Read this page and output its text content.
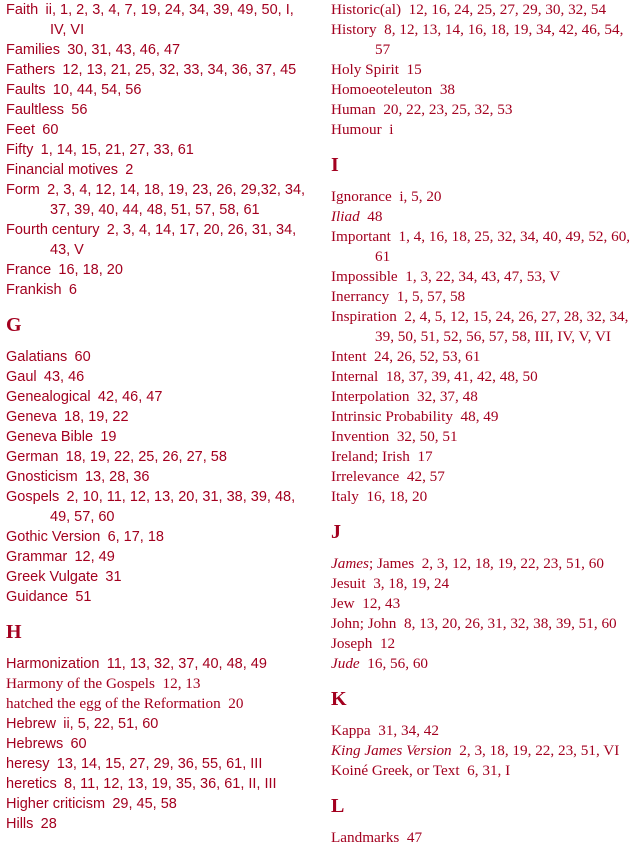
Faith  ii, 1, 2, 3, 4, 7, 19, 24, 34, 39, 49, 50, I, IV, VI
Families  30, 31, 43, 46, 47
Fathers  12, 13, 21, 25, 32, 33, 34, 36, 37, 45
Faults  10, 44, 54, 56
Faultless  56
Feet  60
Fifty  1, 14, 15, 21, 27, 33, 61
Financial motives  2
Form  2, 3, 4, 12, 14, 18, 19, 23, 26, 29,32, 34, 37, 39, 40, 44, 48, 51, 57, 58, 61
Fourth century  2, 3, 4, 14, 17, 20, 26, 31, 34, 43, V
France  16, 18, 20
Frankish  6
G
Galatians  60
Gaul  43, 46
Genealogical  42, 46, 47
Geneva  18, 19, 22
Geneva Bible  19
German  18, 19, 22, 25, 26, 27, 58
Gnosticism  13, 28, 36
Gospels  2, 10, 11, 12, 13, 20, 31, 38, 39, 48, 49, 57, 60
Gothic Version  6, 17, 18
Grammar  12, 49
Greek Vulgate  31
Guidance  51
H
Harmonization  11, 13, 32, 37, 40, 48, 49
Harmony of the Gospels  12, 13
hatched the egg of the Reformation  20
Hebrew  ii, 5, 22, 51, 60
Hebrews  60
heresy  13, 14, 15, 27, 29, 36, 55, 61, III
heretics  8, 11, 12, 13, 19, 35, 36, 61, II, III
Higher criticism  29, 45, 58
Hills  28
Historic(al)  12, 16, 24, 25, 27, 29, 30, 32, 54
History  8, 12, 13, 14, 16, 18, 19, 34, 42, 46, 54, 57
Holy Spirit  15
Homoeoteleuton  38
Human  20, 22, 23, 25, 32, 53
Humour  i
I
Ignorance  i, 5, 20
Iliad  48
Important  1, 4, 16, 18, 25, 32, 34, 40, 49, 52, 60, 61
Impossible  1, 3, 22, 34, 43, 47, 53, V
Inerrancy  1, 5, 57, 58
Inspiration  2, 4, 5, 12, 15, 24, 26, 27, 28, 32, 34, 39, 50, 51, 52, 56, 57, 58, III, IV, V, VI
Intent  24, 26, 52, 53, 61
Internal  18, 37, 39, 41, 42, 48, 50
Interpolation  32, 37, 48
Intrinsic Probability  48, 49
Invention  32, 50, 51
Ireland; Irish  17
Irrelevance  42, 57
Italy  16, 18, 20
J
James; James  2, 3, 12, 18, 19, 22, 23, 51, 60
Jesuit  3, 18, 19, 24
Jew  12, 43
John; John  8, 13, 20, 26, 31, 32, 38, 39, 51, 60
Joseph  12
Jude  16, 56, 60
K
Kappa  31, 34, 42
King James Version  2, 3, 18, 19, 22, 23, 51, VI
Koiné Greek, or Text  6, 31, I
L
Landmarks  47
